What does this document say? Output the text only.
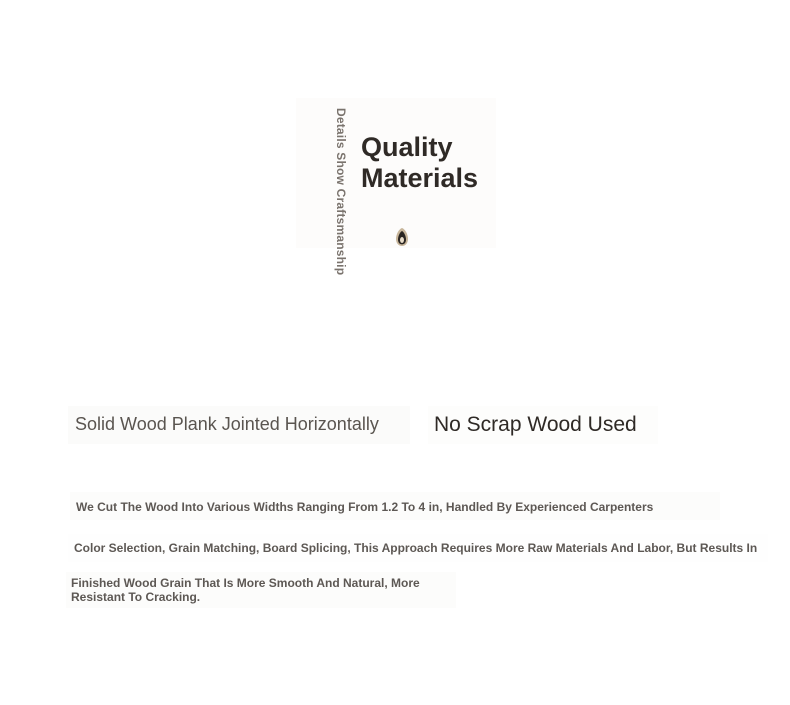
Details Show Craftsmanship Quality Materials
Solid Wood Plank Jointed Horizontally	No Scrap Wood Used
We Cut The Wood Into Various Widths Ranging From 1.2 To 4 in, Handled By Experienced Carpenters
Color Selection, Grain Matching, Board Splicing, This Approach Requires More Raw Materials And Labor, But Results In
Finished Wood Grain That Is More Smooth And Natural, More Resistant To Cracking.
